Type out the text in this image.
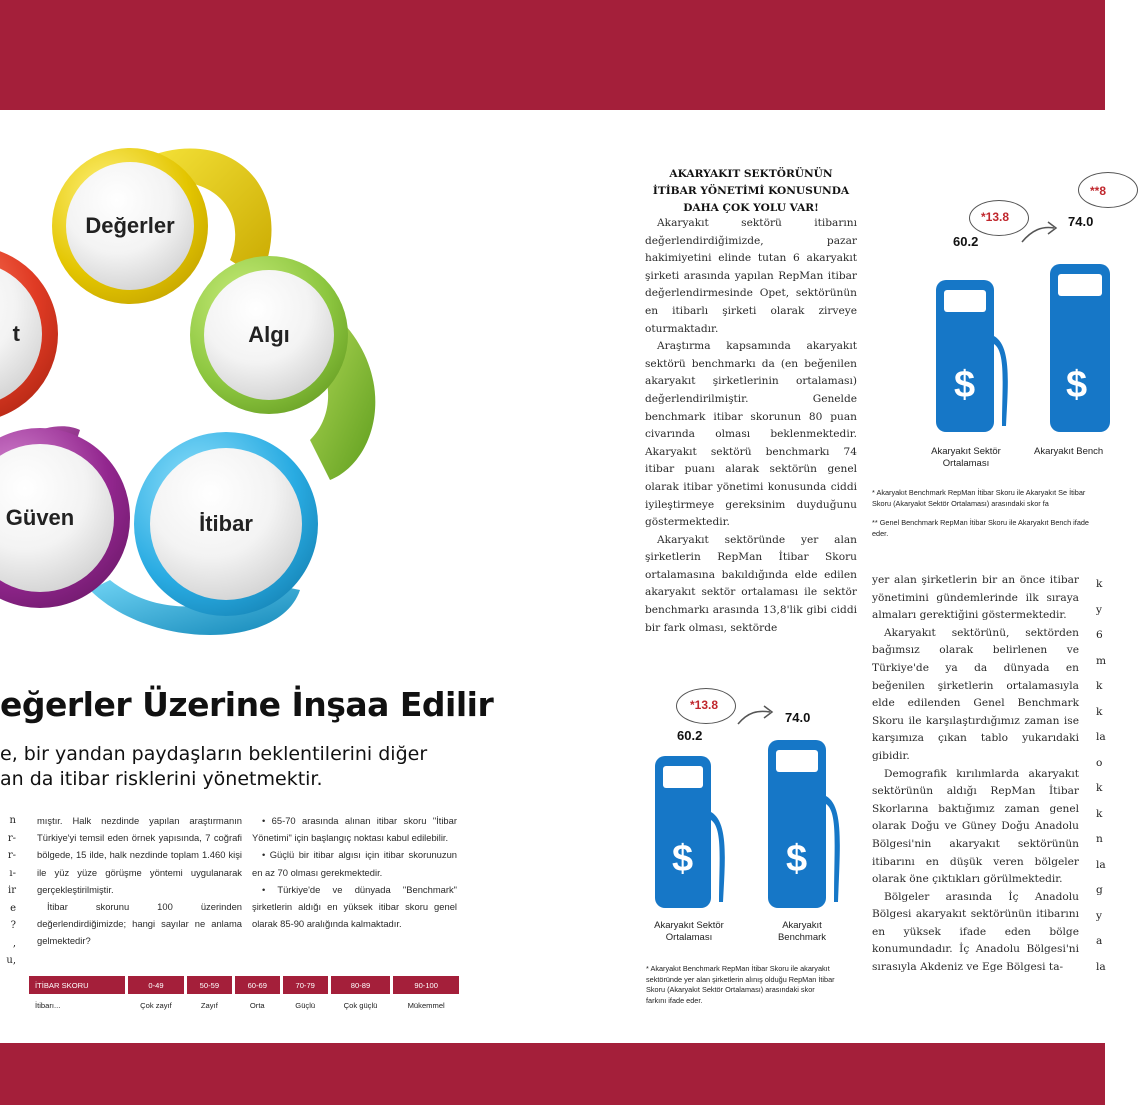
Değerler
Algı
İtibar
Güven
t
eğerler Üzerine İnşaa Edilir
e, bir yandan paydaşların beklentilerini diğer
an da itibar risklerini yönetmektir.
n
r-
r-
ı-
ir
e
?
,
u,

mıştır. Halk nezdinde yapılan araştırmanın Türkiye'yi temsil eden örnek yapısında, 7 coğrafi bölgede, 15 ilde, halk nezdinde toplam 1.460 kişi ile yüz yüze görüşme yöntemi uygulanarak gerçekleştirilmiştir.

İtibar skorunu 100 üzerinden değerlendirdiğimizde; hangi sayılar ne anlama gelmektedir?

• 65-70 arasında alınan itibar skoru "İtibar Yönetimi" için başlangıç noktası kabul edilebilir.

• Güçlü bir itibar algısı için itibar skorunuzun en az 70 olması gerekmektedir.

• Türkiye'de ve dünyada "Benchmark" şirketlerin aldığı en yüksek itibar skoru genel olarak 85-90 aralığında kalmaktadır.

İTİBAR SKORU	0-49	50-59	60-69	70-79	80-89	90-100
İtibarı...	Çok zayıf	Zayıf	Orta	Güçlü	Çok güçlü	Mükemmel
AKARYAKIT SEKTÖRÜNÜN
İTİBAR YÖNETİMİ KONUSUNDA
DAHA ÇOK YOLU VAR!

Akaryakıt sektörü itibarını değerlendirdiğimizde, pazar hakimiyetini elinde tutan 6 akaryakıt şirketi arasında yapılan RepMan itibar değerlendirmesinde Opet, sektörünün en itibarlı şirketi olarak zirveye oturmaktadır.

Araştırma kapsamında akaryakıt sektörü benchmarkı da (en beğenilen akaryakıt şirketlerinin ortalaması) değerlendirilmiştir. Genelde benchmark itibar skorunun 80 puan civarında olması beklenmektedir. Akaryakıt sektörü benchmarkı 74 itibar puanı alarak sektörün genel olarak itibar yönetimi konusunda ciddi iyileştirmeye gereksinim duyduğunu göstermektedir.

Akaryakıt sektöründe yer alan şirketlerin RepMan İtibar Skoru ortalamasına bakıldığında elde edilen akaryakıt sektör ortalaması ile sektör benchmarkı arasında 13,8'lik gibi ciddi bir fark olması, sektörde

yer alan şirketlerin bir an önce itibar yönetimini gündemlerinde ilk sıraya almaları gerektiğini göstermektedir.

Akaryakıt sektörünü, sektörden bağımsız olarak belirlenen ve Türkiye'de ya da dünyada en beğenilen şirketlerin ortalamasıyla elde edilenden Genel Benchmark Skoru ile karşılaştırdığımız zaman ise karşımıza çıkan tablo yukarıdaki gibidir.

Demografik kırılımlarda akaryakıt sektörünün aldığı RepMan İtibar Skorlarına baktığımız zaman genel olarak Doğu ve Güney Doğu Anadolu Bölgesi'nin akaryakıt sektörünün itibarını en düşük veren bölgeler olarak öne çıktıkları görülmektedir.

Bölgeler arasında İç Anadolu Bölgesi akaryakıt sektörünün itibarını en yüksek ifade eden bölge konumundadır. İç Anadolu Bölgesi'ni sırasıyla Akdeniz ve Ege Bölgesi ta-

k
y
6
m
k
k
la
o
k
k
n
la
g
y
a
la
*13.8
60.2
74.0
$ $
Akaryakıt Sektör
Ortalaması
Akaryakıt
Benchmark
* Akaryakıt Benchmark RepMan İtibar Skoru ile akaryakıt sektöründe yer alan şirketlerin alınış olduğu RepMan İtibar Skoru (Akaryakıt Sektör Ortalaması) arasındaki skor farkını ifade eder.
*13.8
**8
60.2
74.0
$ $
Akaryakıt Sektör
Ortalaması
Akaryakıt Bench
* Akaryakıt Benchmark RepMan İtibar Skoru ile Akaryakıt Se İtibar Skoru (Akaryakıt Sektör Ortalaması) arasındaki skor fa
** Genel Benchmark RepMan İtibar Skoru ile Akaryakıt Bench ifade eder.
